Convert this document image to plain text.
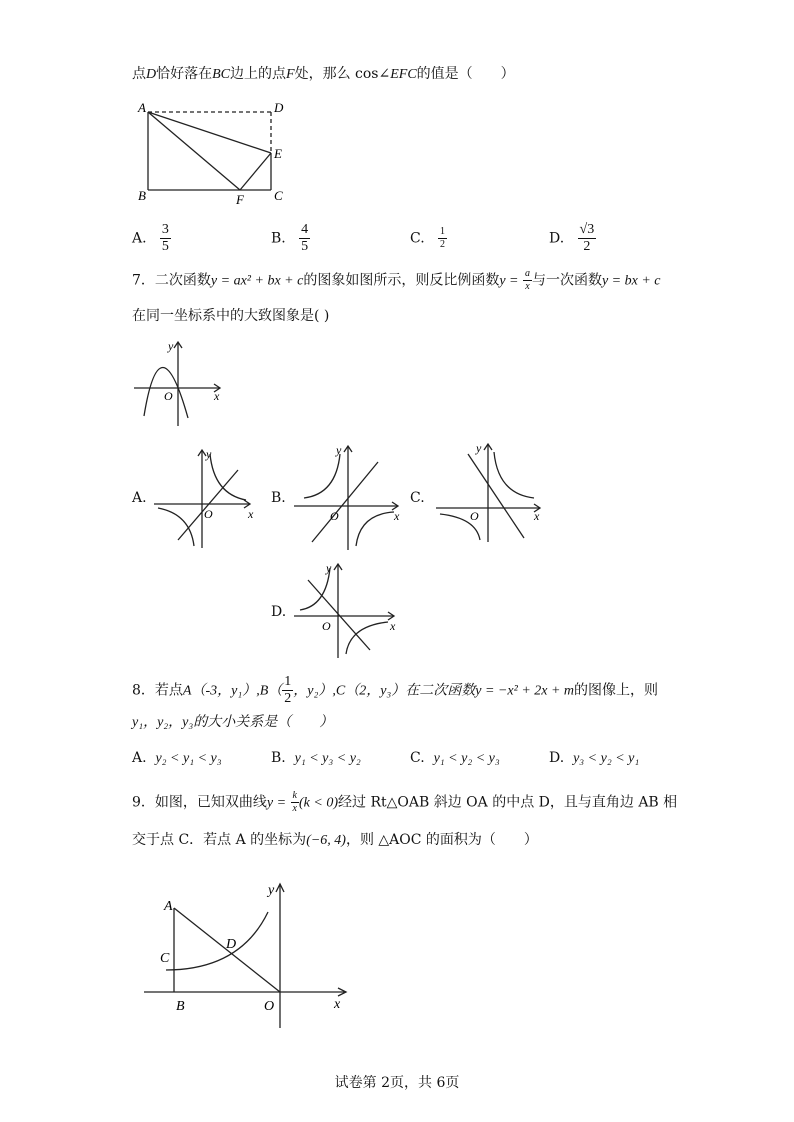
点D恰好落在BC边上的点F处，那么 cos∠EFC的值是（　　）
A	D
E
B	C
F
A. $\frac{3}{5}$	B. $\frac{4}{5}$	C. $\frac{1}{2}$	D. $\frac{√3}{2}$
7．二次函数y = ax² + bx + c的图象如图所示，则反比例函数$y = \frac{a}{x}$ 与一次函数y = bx + c
在同一坐标系中的大致图象是( )
y
x
O
A.
y
x
O
B.
y
x
O
C.
y
x
O
D.
y
x
O
8．若点A（-3，$y_1),B( \frac{1}{2}$ ，y₂）,C（2，y₃）在二次函数y = −x² + 2x + m的图像上，则
y₁，y₂，y₃的大小关系是（　　）
A. y₂ < y₁ < y₃	B. y₁ < y₃ < y₂	C. y₁ < y₂ < y₃	D. y₃ < y₂ < y₁
9．如图，已知双曲线$y = \frac{k}{x} (k < 0)$经过 Rt△OAB 斜边 OA 的中点 D，且与直角边 AB 相
交于点 C．若点 A 的坐标为(−6, 4)，则 △AOC 的面积为（　　）
A
C
D
B	O	x
y
试卷第 2页，共 6页
